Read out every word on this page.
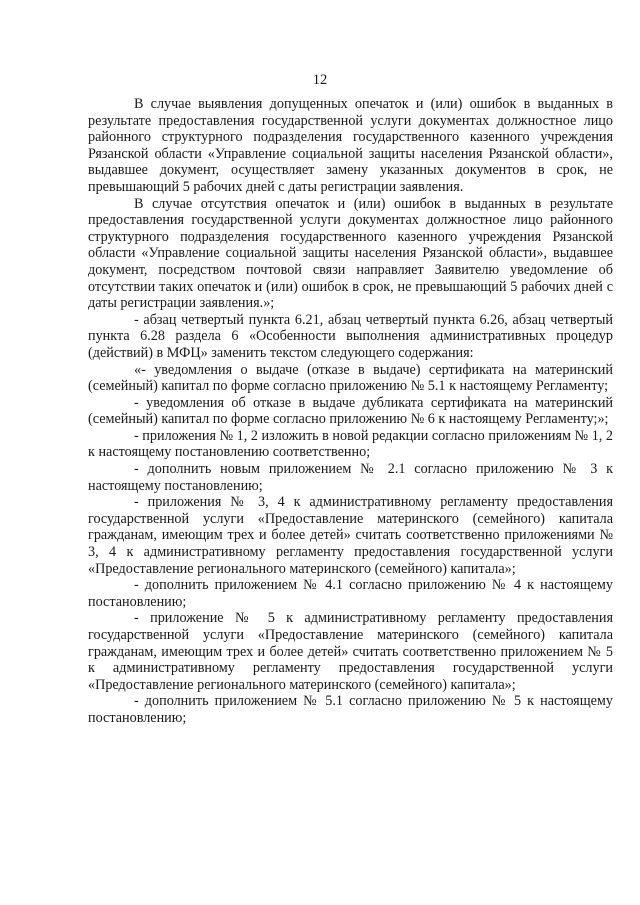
12

В случае выявления допущенных опечаток и (или) ошибок в выданных в результате предоставления государственной услуги документах должностное лицо районного структурного подразделения государственного казенного учреждения Рязанской области «Управление социальной защиты населения Рязанской области», выдавшее документ, осуществляет замену указанных документов в срок, не превышающий 5 рабочих дней с даты регистрации заявления.

В случае отсутствия опечаток и (или) ошибок в выданных в результате предоставления государственной услуги документах должностное лицо районного структурного подразделения государственного казенного учреждения Рязанской области «Управление социальной защиты населения Рязанской области», выдавшее документ, посредством почтовой связи направляет Заявителю уведомление об отсутствии таких опечаток и (или) ошибок в срок, не превышающий 5 рабочих дней с даты регистрации заявления.»;

- абзац четвертый пункта 6.21, абзац четвертый пункта 6.26, абзац четвертый пункта 6.28 раздела 6 «Особенности выполнения административных процедур (действий) в МФЦ» заменить текстом следующего содержания:

«- уведомления о выдаче (отказе в выдаче) сертификата на материнский (семейный) капитал по форме согласно приложению № 5.1 к настоящему Регламенту;

- уведомления об отказе в выдаче дубликата сертификата на материнский (семейный) капитал по форме согласно приложению № 6 к настоящему Регламенту;»;

- приложения № 1, 2 изложить в новой редакции согласно приложениям № 1, 2 к настоящему постановлению соответственно;

- дополнить новым приложением № 2.1 согласно приложению № 3 к настоящему постановлению;

- приложения № 3, 4 к административному регламенту предоставления государственной услуги «Предоставление материнского (семейного) капитала гражданам, имеющим трех и более детей» считать соответственно приложениями № 3, 4 к административному регламенту предоставления государственной услуги «Предоставление регионального материнского (семейного) капитала»;

- дополнить приложением № 4.1 согласно приложению № 4 к настоящему постановлению;

- приложение № 5 к административному регламенту предоставления государственной услуги «Предоставление материнского (семейного) капитала гражданам, имеющим трех и более детей» считать соответственно приложением № 5 к административному регламенту предоставления государственной услуги «Предоставление регионального материнского (семейного) капитала»;

- дополнить приложением № 5.1 согласно приложению № 5 к настоящему постановлению;
